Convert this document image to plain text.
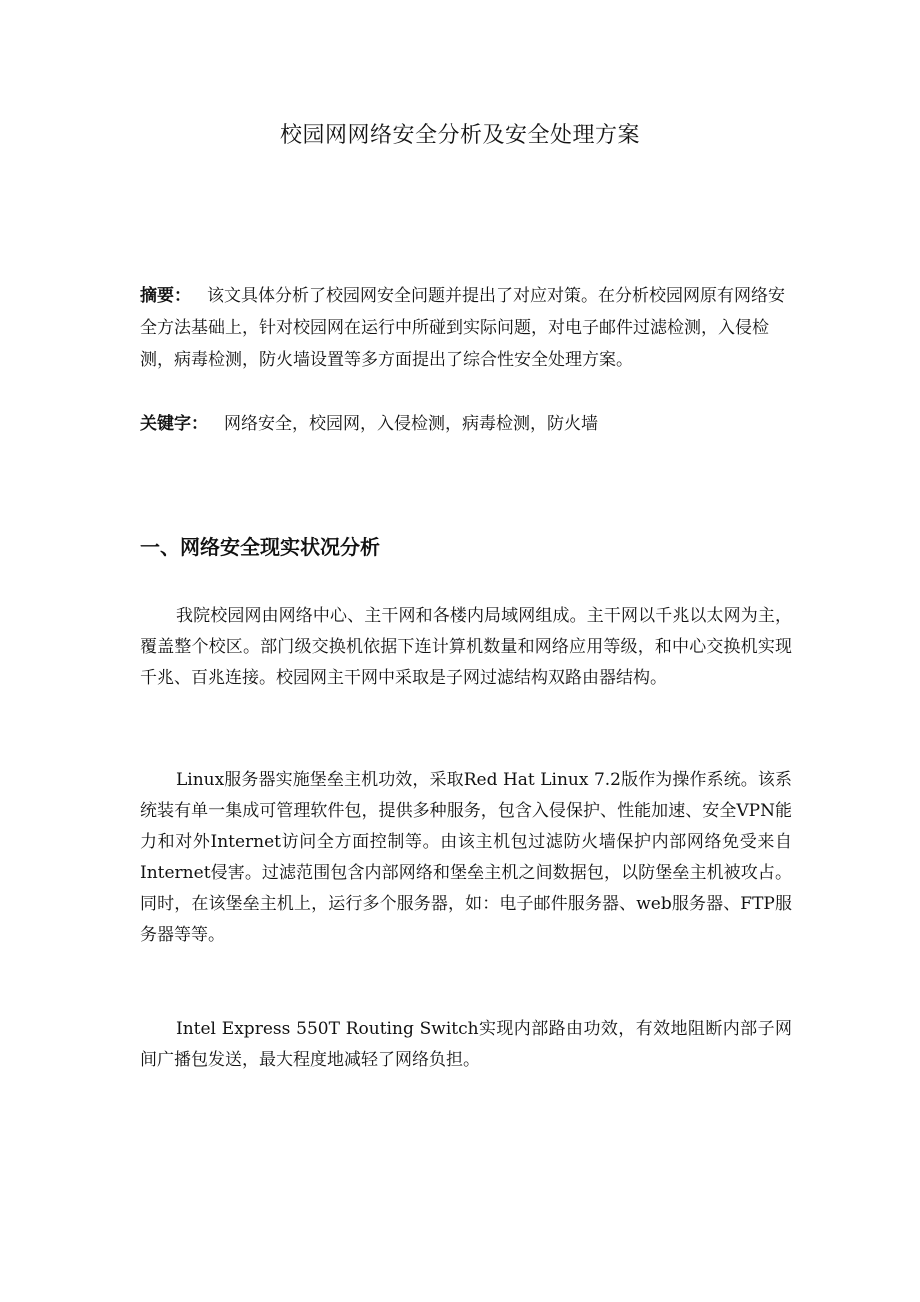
校园网网络安全分析及安全处理方案

摘要： 该文具体分析了校园网安全问题并提出了对应对策。在分析校园网原有网络安全方法基础上，针对校园网在运行中所碰到实际问题，对电子邮件过滤检测，入侵检测，病毒检测，防火墙设置等多方面提出了综合性安全处理方案。

关键字： 网络安全，校园网，入侵检测，病毒检测，防火墙

一、网络安全现实状况分析

我院校园网由网络中心、主干网和各楼内局域网组成。主干网以千兆以太网为主，覆盖整个校区。部门级交换机依据下连计算机数量和网络应用等级，和中心交换机实现千兆、百兆连接。校园网主干网中采取是子网过滤结构双路由器结构。

Linux服务器实施堡垒主机功效，采取Red Hat Linux 7.2版作为操作系统。该系统装有单一集成可管理软件包，提供多种服务，包含入侵保护、性能加速、安全VPN能力和对外Internet访问全方面控制等。由该主机包过滤防火墙保护内部网络免受来自Internet侵害。过滤范围包含内部网络和堡垒主机之间数据包，以防堡垒主机被攻占。同时，在该堡垒主机上，运行多个服务器，如：电子邮件服务器、web服务器、FTP服务器等等。

Intel Express 550T Routing Switch实现内部路由功效，有效地阻断内部子网间广播包发送，最大程度地减轻了网络负担。
